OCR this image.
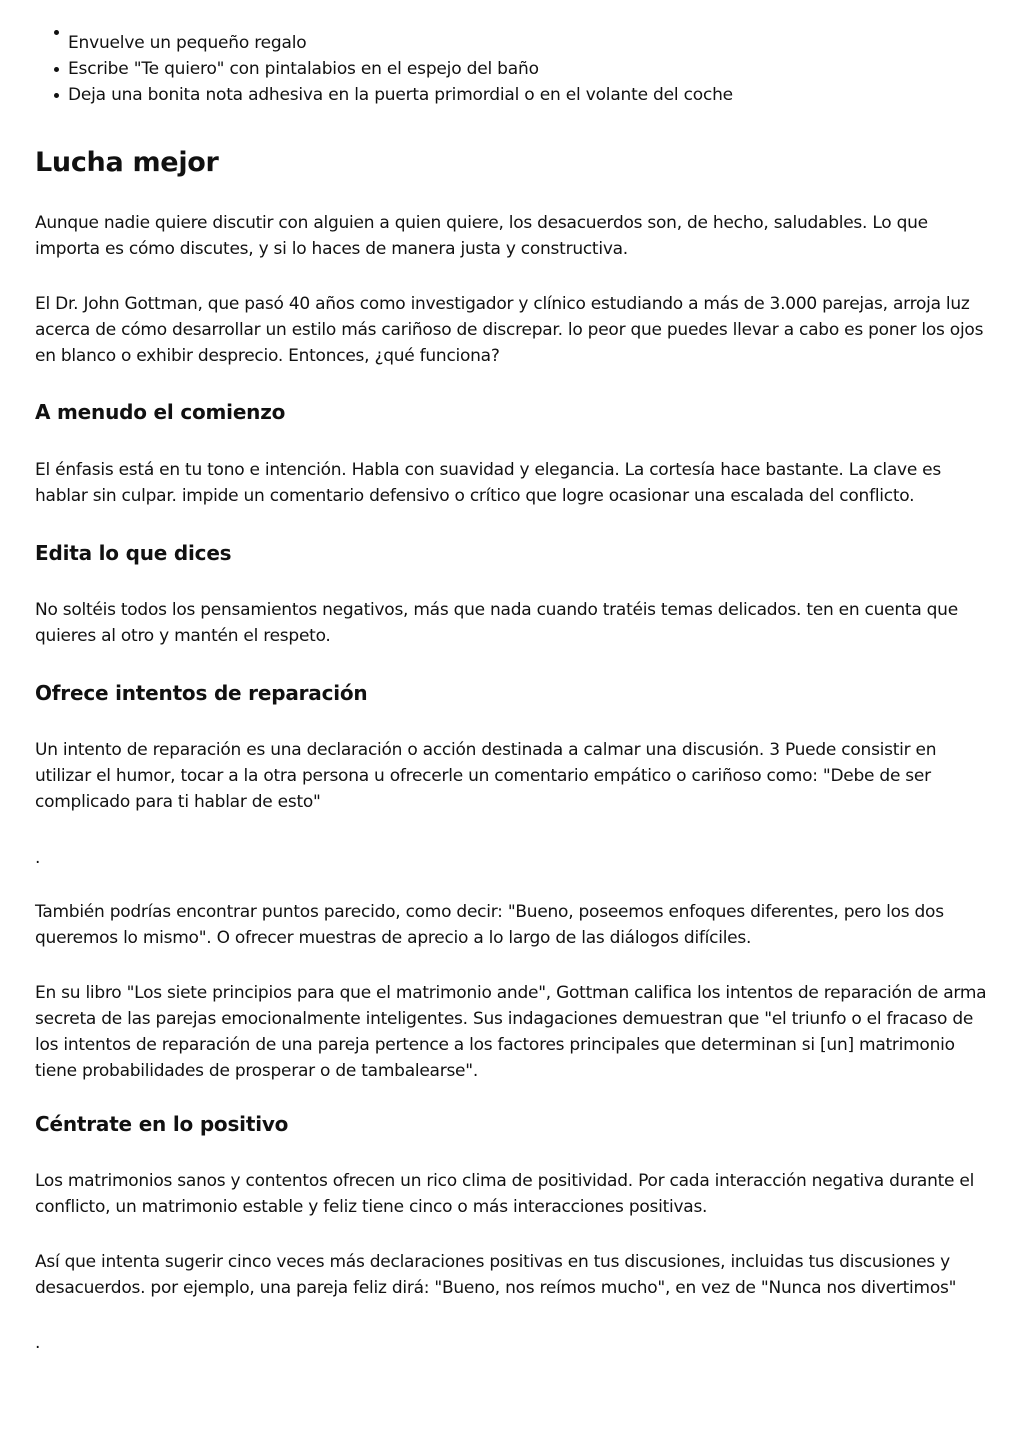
Envuelve un pequeño regalo
Escribe "Te quiero" con pintalabios en el espejo del baño
Deja una bonita nota adhesiva en la puerta primordial o en el volante del coche
Lucha mejor
Aunque nadie quiere discutir con alguien a quien quiere, los desacuerdos son, de hecho, saludables. Lo que importa es cómo discutes, y si lo haces de manera justa y constructiva.
El Dr. John Gottman, que pasó 40 años como investigador y clínico estudiando a más de 3.000 parejas, arroja luz acerca de cómo desarrollar un estilo más cariñoso de discrepar. lo peor que puedes llevar a cabo es poner los ojos en blanco o exhibir desprecio. Entonces, ¿qué funciona?
A menudo el comienzo
El énfasis está en tu tono e intención. Habla con suavidad y elegancia. La cortesía hace bastante. La clave es hablar sin culpar. impide un comentario defensivo o crítico que logre ocasionar una escalada del conflicto.
Edita lo que dices
No soltéis todos los pensamientos negativos, más que nada cuando tratéis temas delicados. ten en cuenta que quieres al otro y mantén el respeto.
Ofrece intentos de reparación
Un intento de reparación es una declaración o acción destinada a calmar una discusión. 3 Puede consistir en utilizar el humor, tocar a la otra persona u ofrecerle un comentario empático o cariñoso como: "Debe de ser complicado para ti hablar de esto"
.
También podrías encontrar puntos parecido, como decir: "Bueno, poseemos enfoques diferentes, pero los dos queremos lo mismo". O ofrecer muestras de aprecio a lo largo de las diálogos difíciles.
En su libro "Los siete principios para que el matrimonio ande", Gottman califica los intentos de reparación de arma secreta de las parejas emocionalmente inteligentes. Sus indagaciones demuestran que "el triunfo o el fracaso de los intentos de reparación de una pareja pertence a los factores principales que determinan si [un] matrimonio tiene probabilidades de prosperar o de tambalearse".
Céntrate en lo positivo
Los matrimonios sanos y contentos ofrecen un rico clima de positividad. Por cada interacción negativa durante el conflicto, un matrimonio estable y feliz tiene cinco o más interacciones positivas.
Así que intenta sugerir cinco veces más declaraciones positivas en tus discusiones, incluidas tus discusiones y desacuerdos. por ejemplo, una pareja feliz dirá: "Bueno, nos reímos mucho", en vez de "Nunca nos divertimos"
.
